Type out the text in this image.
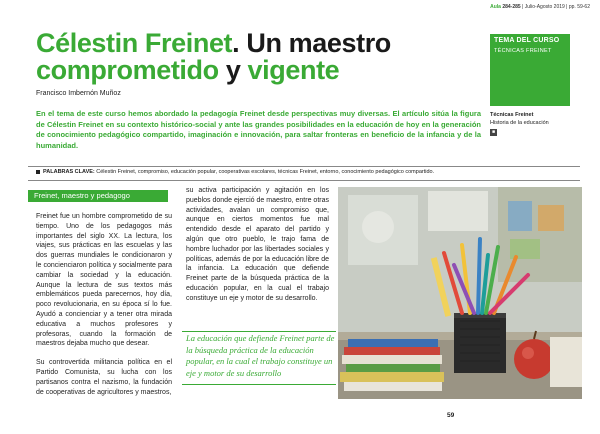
Aula 284-285 | Julio-Agosto 2019 | pp. 59-62
Célestin Freinet. Un maestro
comprometido y vigente
Francisco Imbernón Muñoz
TEMA DEL CURSO
TÉCNICAS FREINET
Técnicas Freinet
Historia de la educación
■

En el tema de este curso hemos abordado la pedagogía Freinet desde perspectivas muy diversas. El artículo sitúa la figura de Célestin Freinet en su contexto histórico-social y ante las grandes posibilidades en la educación de hoy en la generación de conocimiento pedagógico compartido, imaginación e innovación, para saltar fronteras en beneficio de la infancia y de la humanidad.

PALABRAS CLAVE: Célestin Freinet, compromiso, educación popular, cooperativas escolares, técnicas Freinet, entorno, conocimiento pedagógico compartido.
Freinet, maestro y pedagogo

Freinet fue un hombre comprometido de su tiempo. Uno de los pedagogos más importantes del siglo XX. La lectura, los viajes, sus prácticas en las escuelas y las dos guerras mundiales le condicionaron y le concienciaron política y socialmente para cambiar la sociedad y la educación. Aunque la lectura de sus textos más emblemáticos pueda parecernos, hoy día, poco revolucionaria, en su época sí lo fue. Ayudó a concienciar y a tener otra mirada educativa a muchos profesores y profesoras, cuando la formación de maestros dejaba mucho que desear.

Su controvertida militancia política en el Partido Comunista, su lucha con los partisanos contra el nazismo, la fundación de cooperativas de agricultores y maestros,

su activa participación y agitación en los pueblos donde ejerció de maestro, entre otras actividades, avalan un compromiso que, aunque en ciertos momentos fue mal entendido desde el aparato del partido y algún que otro pueblo, le trajo fama de hombre luchador por las libertades sociales y políticas, además de por la educación libre de la infancia. La educación que defiende Freinet parte de la búsqueda práctica de la educación popular, en la cual el trabajo constituye un eje y motor de su desarrollo.

La educación que defiende Freinet parte de la búsqueda práctica de la educación popular, en la cual el trabajo constituye un eje y motor de su desarrollo
59
